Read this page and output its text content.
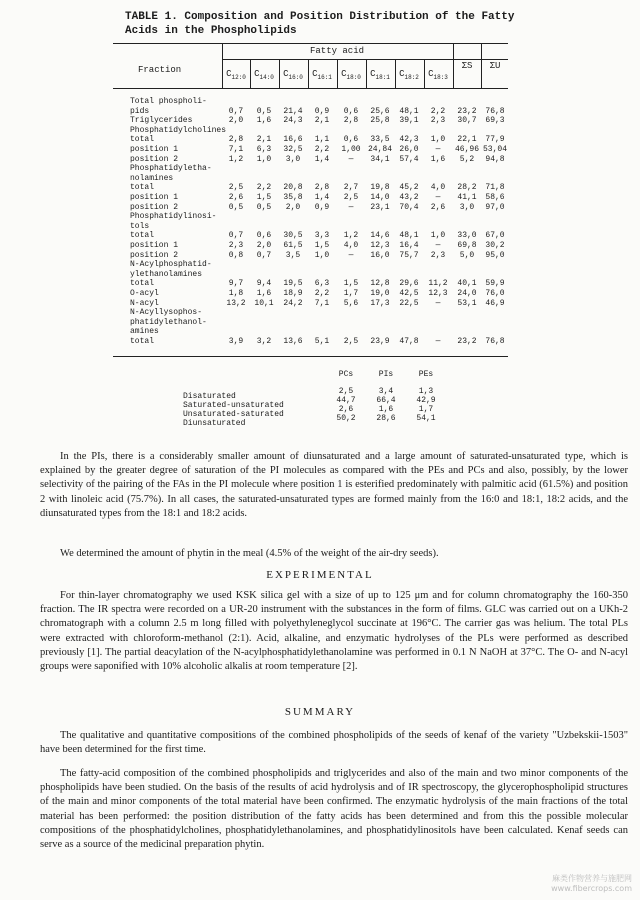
TABLE 1. Composition and Position Distribution of the Fatty Acids in the Phospholipids
Fraction
Fatty acid
$C_{12:0}$ $C_{14:0}$	$C_{16:0}$	$C_{16:1}$	$C_{18:0}$	$C_{18:1}$	$C_{18:2}$	$C_{18:3}$
ΣS	ΣU
Total phospholi-
pids	0,7	0,5	21,4	0,9	0,6	25,6	48,1	2,2	23,2	76,8
Triglycerides	2,0	1,6	24,3	2,1	2,8	25,8	39,1	2,3	30,7	69,3
Phosphatidylcholines
total	2,8	2,1	16,6	1,1	0,6	33,5	42,3	1,0	22,1	77,9
position 1	7,1	6,3	32,5	2,2	1,00 24,84 26,0	—	46,96 53,04
position 2	1,2	1,0	3,0	1,4	—	34,1	57,4	1,6	5,2	94,8
Phosphatidyletha-
nolamines
total	2,5	2,2	20,8	2,8	2,7	19,8	45,2	4,0	28,2	71,8
position 1	2,6	1,5	35,8	1,4	2,5	14,0	43,2	—	41,1	58,6
position 2	0,5	0,5	2,0	0,9	—	23,1	70,4	2,6	3,0	97,0
Phosphatidylinosi-
tols
total	0,7	0,6	30,5	3,3	1,2	14,6	48,1	1,0	33,0	67,0
position 1	2,3	2,0	61,5	1,5	4,0	12,3	16,4	—	69,8	30,2
position 2	0,8	0,7	3,5	1,0	—	16,0	75,7	2,3	5,0	95,0
N-Acylphosphatid-
ylethanolamines
total	9,7	9,4	19,5	6,3	1,5	12,8	29,6	11,2	40,1	59,9
O-acyl	1,8	1,6	18,9	2,2	1,7	19,0	42,5	12,3	24,0	76,0
N-acyl	13,2	10,1	24,2	7,1	5,6	17,3	22,5	—	53,1	46,9
N-Acyllysophos-
phatidylethanol-
amines
total	3,9	3,2	13,6	5,1	2,5	23,9	47,8	—	23,2	76,8
PCs	PIs	PEs
Disaturated
2,5	3,4	1,3
Saturated-unsaturated
44,7	66,4	42,9
Unsaturated-saturated
2,6	1,6	1,7
Diunsaturated
50,2	28,6	54,1
In the PIs, there is a considerably smaller amount of diunsaturated and a large amount of saturated-unsaturated type, which is explained by the greater degree of saturation of the PI molecules as compared with the PEs and PCs and also, possibly, by the lower selectivity of the pairing of the FAs in the PI molecule where position 1 is esterified predominately with palmitic acid (61.5%) and position 2 with linoleic acid (75.7%). In all cases, the saturated-unsaturated types are formed mainly from the 16:0 and 18:1, 18:2 acids, and the diunsaturated types from the 18:1 and 18:2 acids.
We determined the amount of phytin in the meal (4.5% of the weight of the air-dry seeds).
EXPERIMENTAL
For thin-layer chromatography we used KSK silica gel with a size of up to 125 μm and for column chromatography the 160-350 fraction. The IR spectra were recorded on a UR-20 instrument with the substances in the form of films. GLC was carried out on a UKh-2 chromatograph with a column 2.5 m long filled with polyethyleneglycol succinate at 196°C. The carrier gas was helium. The total PLs were extracted with chloroform-methanol (2:1). Acid, alkaline, and enzymatic hydrolyses of the PLs were performed as described previously [1]. The partial deacylation of the N-acylphosphatidylethanolamine was performed in 0.1 N NaOH at 37°C. The O- and N-acyl groups were saponified with 10% alcoholic alkalis at room temperature [2].
SUMMARY
The qualitative and quantitative compositions of the combined phospholipids of the seeds of kenaf of the variety "Uzbekskii-1503" have been determined for the first time.
The fatty-acid composition of the combined phospholipids and triglycerides and also of the main and two minor components of the phospholipids have been studied. On the basis of the results of acid hydrolysis and of IR spectroscopy, the glycerophospholipid structures of the main and minor components of the total material have been confirmed. The enzymatic hydrolysis of the main fractions of the total material has been performed: the position distribution of the fatty acids has been determined and from this the possible molecular compositions of the phosphatidylcholines, phosphatidylethanolamines, and phosphatidylinositols have been calculated. Kenaf seeds can serve as a source of the medicinal preparation phytin.
麻类作物营养与施肥网
www.fibercrops.com
